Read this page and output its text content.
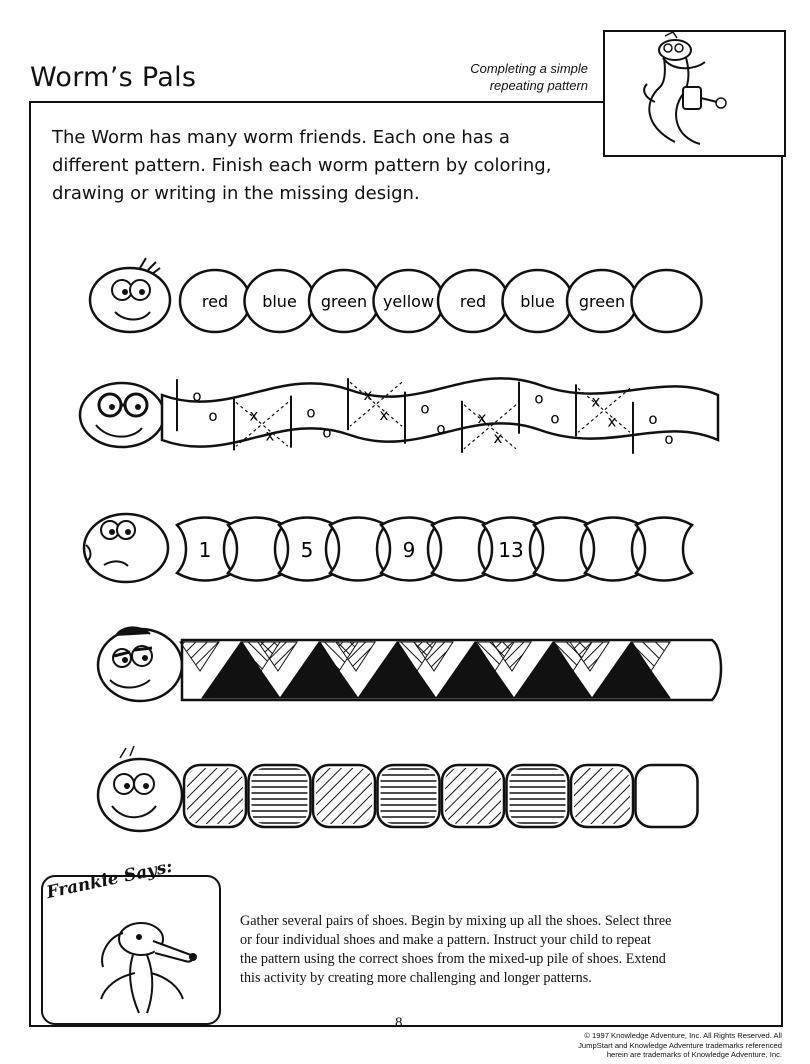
Worm’s Pals	Completing a simple
repeating pattern
The Worm has many worm friends. Each one has a
different pattern. Finish each worm pattern by coloring,
drawing or writing in the missing design.
red blue green yellow red blue green
o
o x
x
o
o
x
x o
o
x
x
o
o
x
x o
o
1	5	9	13
Frankie Says:
Gather several pairs of shoes. Begin by mixing up all the shoes. Select three
or four individual shoes and make a pattern. Instruct your child to repeat
the pattern using the correct shoes from the mixed-up pile of shoes. Extend
this activity by creating more challenging and longer patterns.
8
© 1997 Knowledge Adventure, Inc. All Rights Reserved. All
JumpStart and Knowledge Adventure trademarks referenced
herein are trademarks of Knowledge Adventure, Inc.
